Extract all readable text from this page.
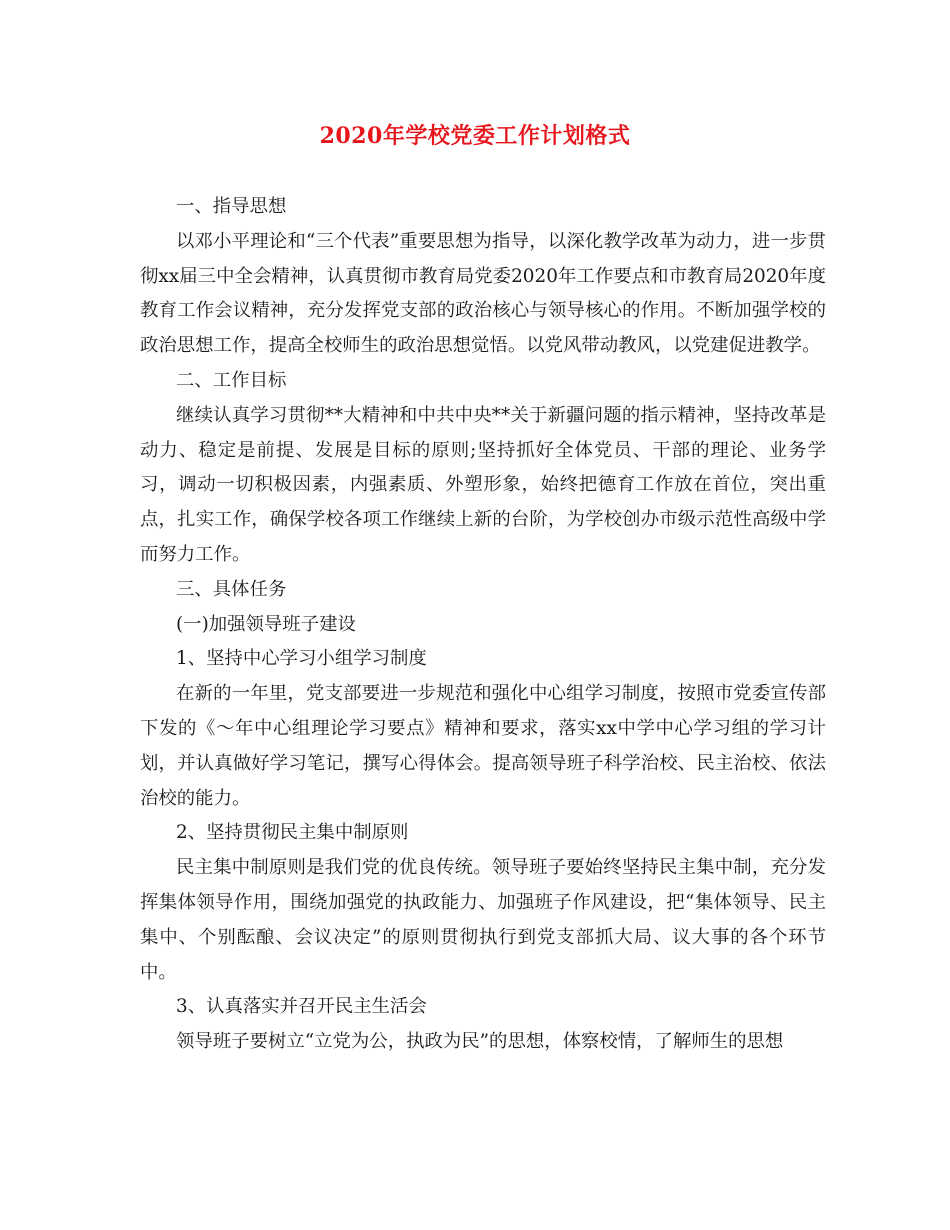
2020年学校党委工作计划格式

一、指导思想

以邓小平理论和“三个代表”重要思想为指导，以深化教学改革为动力，进一步贯彻xx届三中全会精神，认真贯彻市教育局党委2020年工作要点和市教育局2020年度教育工作会议精神，充分发挥党支部的政治核心与领导核心的作用。不断加强学校的政治思想工作，提高全校师生的政治思想觉悟。以党风带动教风，以党建促进教学。

二、工作目标

继续认真学习贯彻**大精神和中共中央**关于新疆问题的指示精神，坚持改革是动力、稳定是前提、发展是目标的原则;坚持抓好全体党员、干部的理论、业务学习，调动一切积极因素，内强素质、外塑形象，始终把德育工作放在首位，突出重点，扎实工作，确保学校各项工作继续上新的台阶，为学校创办市级示范性高级中学而努力工作。

三、具体任务

(一)加强领导班子建设

1、坚持中心学习小组学习制度

在新的一年里，党支部要进一步规范和强化中心组学习制度，按照市党委宣传部下发的《～年中心组理论学习要点》精神和要求，落实xx中学中心学习组的学习计划，并认真做好学习笔记，撰写心得体会。提高领导班子科学治校、民主治校、依法治校的能力。

2、坚持贯彻民主集中制原则

民主集中制原则是我们党的优良传统。领导班子要始终坚持民主集中制，充分发挥集体领导作用，围绕加强党的执政能力、加强班子作风建设，把“集体领导、民主集中、个别酝酿、会议决定”的原则贯彻执行到党支部抓大局、议大事的各个环节中。

3、认真落实并召开民主生活会

领导班子要树立“立党为公，执政为民”的思想，体察校情，了解师生的思想
